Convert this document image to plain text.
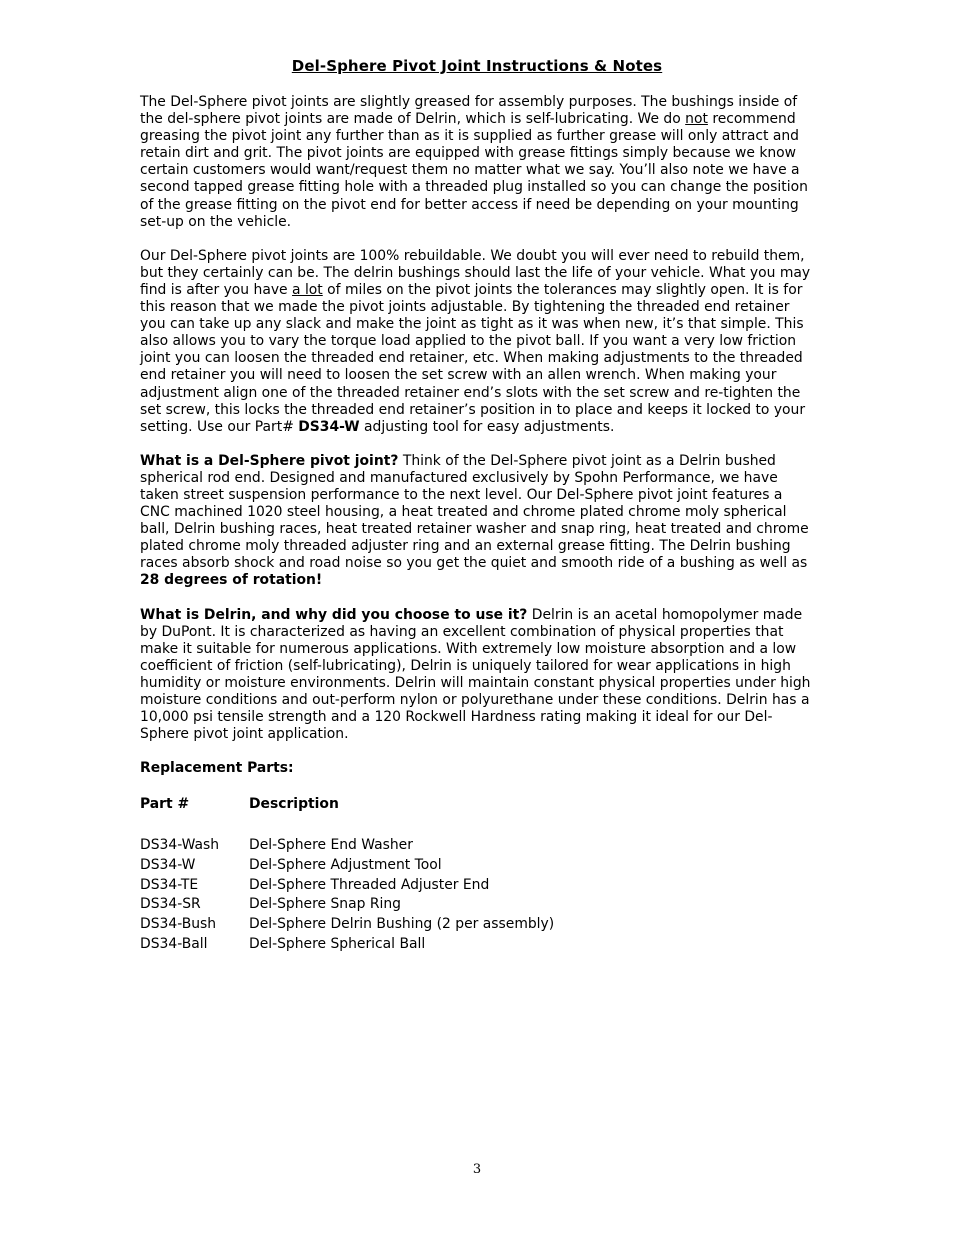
Del-Sphere Pivot Joint Instructions & Notes

The Del-Sphere pivot joints are slightly greased for assembly purposes. The bushings inside of the del-sphere pivot joints are made of Delrin, which is self-lubricating. We do not recommend greasing the pivot joint any further than as it is supplied as further grease will only attract and retain dirt and grit. The pivot joints are equipped with grease fittings simply because we know certain customers would want/request them no matter what we say. You’ll also note we have a second tapped grease fitting hole with a threaded plug installed so you can change the position of the grease fitting on the pivot end for better access if need be depending on your mounting set-up on the vehicle.

Our Del-Sphere pivot joints are 100% rebuildable. We doubt you will ever need to rebuild them, but they certainly can be. The delrin bushings should last the life of your vehicle. What you may find is after you have a lot of miles on the pivot joints the tolerances may slightly open. It is for this reason that we made the pivot joints adjustable. By tightening the threaded end retainer you can take up any slack and make the joint as tight as it was when new, it’s that simple. This also allows you to vary the torque load applied to the pivot ball. If you want a very low friction joint you can loosen the threaded end retainer, etc. When making adjustments to the threaded end retainer you will need to loosen the set screw with an allen wrench. When making your adjustment align one of the threaded retainer end’s slots with the set screw and re-tighten the set screw, this locks the threaded end retainer’s position in to place and keeps it locked to your setting. Use our Part# DS34-W adjusting tool for easy adjustments.

What is a Del-Sphere pivot joint? Think of the Del-Sphere pivot joint as a Delrin bushed spherical rod end. Designed and manufactured exclusively by Spohn Performance, we have taken street suspension performance to the next level. Our Del-Sphere pivot joint features a CNC machined 1020 steel housing, a heat treated and chrome plated chrome moly spherical ball, Delrin bushing races, heat treated retainer washer and snap ring, heat treated and chrome plated chrome moly threaded adjuster ring and an external grease fitting. The Delrin bushing races absorb shock and road noise so you get the quiet and smooth ride of a bushing as well as 28 degrees of rotation!

What is Delrin, and why did you choose to use it? Delrin is an acetal homopolymer made by DuPont. It is characterized as having an excellent combination of physical properties that make it suitable for numerous applications. With extremely low moisture absorption and a low coefficient of friction (self-lubricating), Delrin is uniquely tailored for wear applications in high humidity or moisture environments. Delrin will maintain constant physical properties under high moisture conditions and out-perform nylon or polyurethane under these conditions. Delrin has a 10,000 psi tensile strength and a 120 Rockwell Hardness rating making it ideal for our Del-Sphere pivot joint application.

Replacement Parts:
Part #	Description

DS34-Wash	Del-Sphere End Washer
DS34-W	Del-Sphere Adjustment Tool
DS34-TE	Del-Sphere Threaded Adjuster End
DS34-SR	Del-Sphere Snap Ring
DS34-Bush	Del-Sphere Delrin Bushing (2 per assembly)
DS34-Ball	Del-Sphere Spherical Ball
3
